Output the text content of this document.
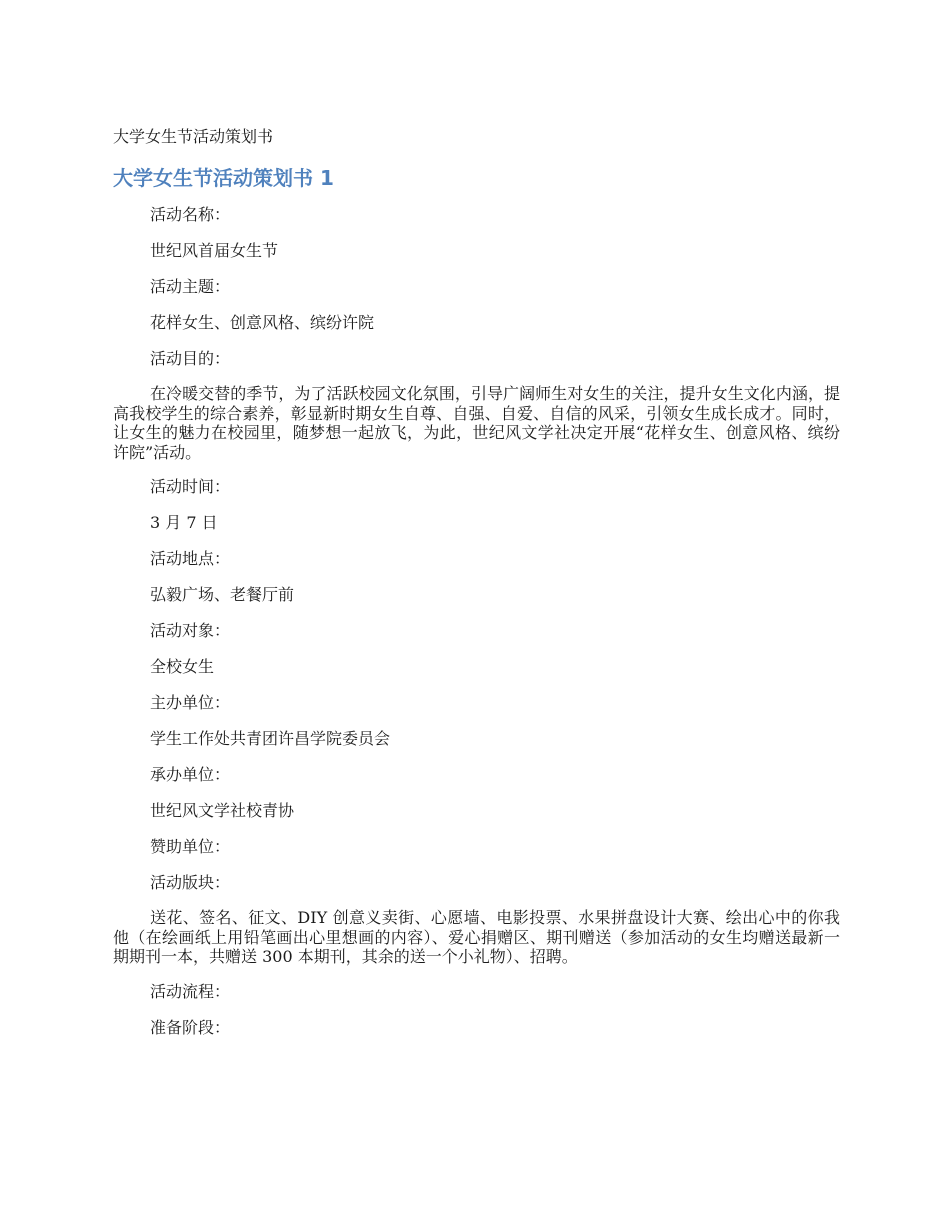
大学女生节活动策划书

大学女生节活动策划书 1

活动名称：

世纪风首届女生节

活动主题：

花样女生、创意风格、缤纷许院

活动目的：

在冷暖交替的季节，为了活跃校园文化氛围，引导广阔师生对女生的关注，提升女生文化内涵，提高我校学生的综合素养，彰显新时期女生自尊、自强、自爱、自信的风采，引领女生成长成才。同时，让女生的魅力在校园里，随梦想一起放飞，为此，世纪风文学社决定开展“花样女生、创意风格、缤纷许院”活动。

活动时间：

3 月 7 日

活动地点：

弘毅广场、老餐厅前

活动对象：

全校女生

主办单位：

学生工作处共青团许昌学院委员会

承办单位：

世纪风文学社校青协

赞助单位：

活动版块：

送花、签名、征文、DIY 创意义卖街、心愿墙、电影投票、水果拼盘设计大赛、绘出心中的你我他（在绘画纸上用铅笔画出心里想画的内容）、爱心捐赠区、期刊赠送（参加活动的女生均赠送最新一期期刊一本，共赠送 300 本期刊，其余的送一个小礼物）、招聘。

活动流程：

准备阶段：
